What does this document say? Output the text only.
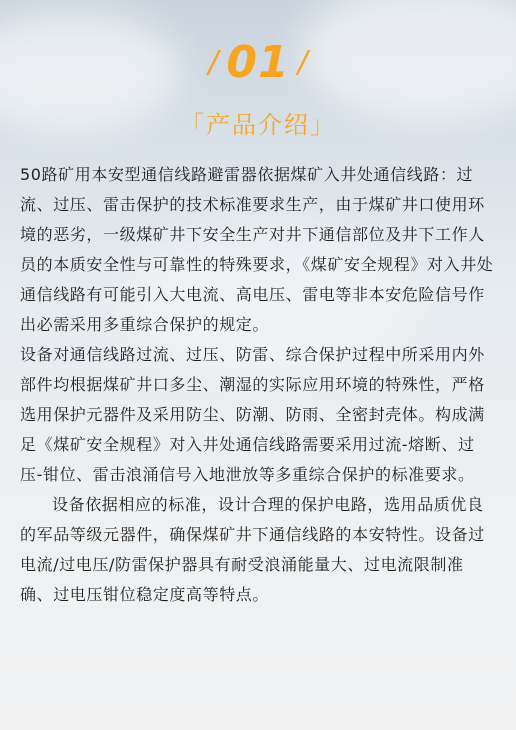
/ 01 /
「产品介绍」

50路矿用本安型通信线路避雷器依据煤矿入井处通信线路：过流、过压、雷击保护的技术标准要求生产，由于煤矿井口使用环境的恶劣，一级煤矿井下安全生产对井下通信部位及井下工作人员的本质安全性与可靠性的特殊要求，《煤矿安全规程》对入井处通信线路有可能引入大电流、高电压、雷电等非本安危险信号作出必需采用多重综合保护的规定。

设备对通信线路过流、过压、防雷、综合保护过程中所采用内外部件均根据煤矿井口多尘、潮湿的实际应用环境的特殊性，严格选用保护元器件及采用防尘、防潮、防雨、全密封壳体。构成满足《煤矿安全规程》对入井处通信线路需要采用过流-熔断、过压-钳位、雷击浪涌信号入地泄放等多重综合保护的标准要求。

设备依据相应的标准，设计合理的保护电路，选用品质优良的军品等级元器件，确保煤矿井下通信线路的本安特性。设备过电流/过电压/防雷保护器具有耐受浪涌能量大、过电流限制准确、过电压钳位稳定度高等特点。
